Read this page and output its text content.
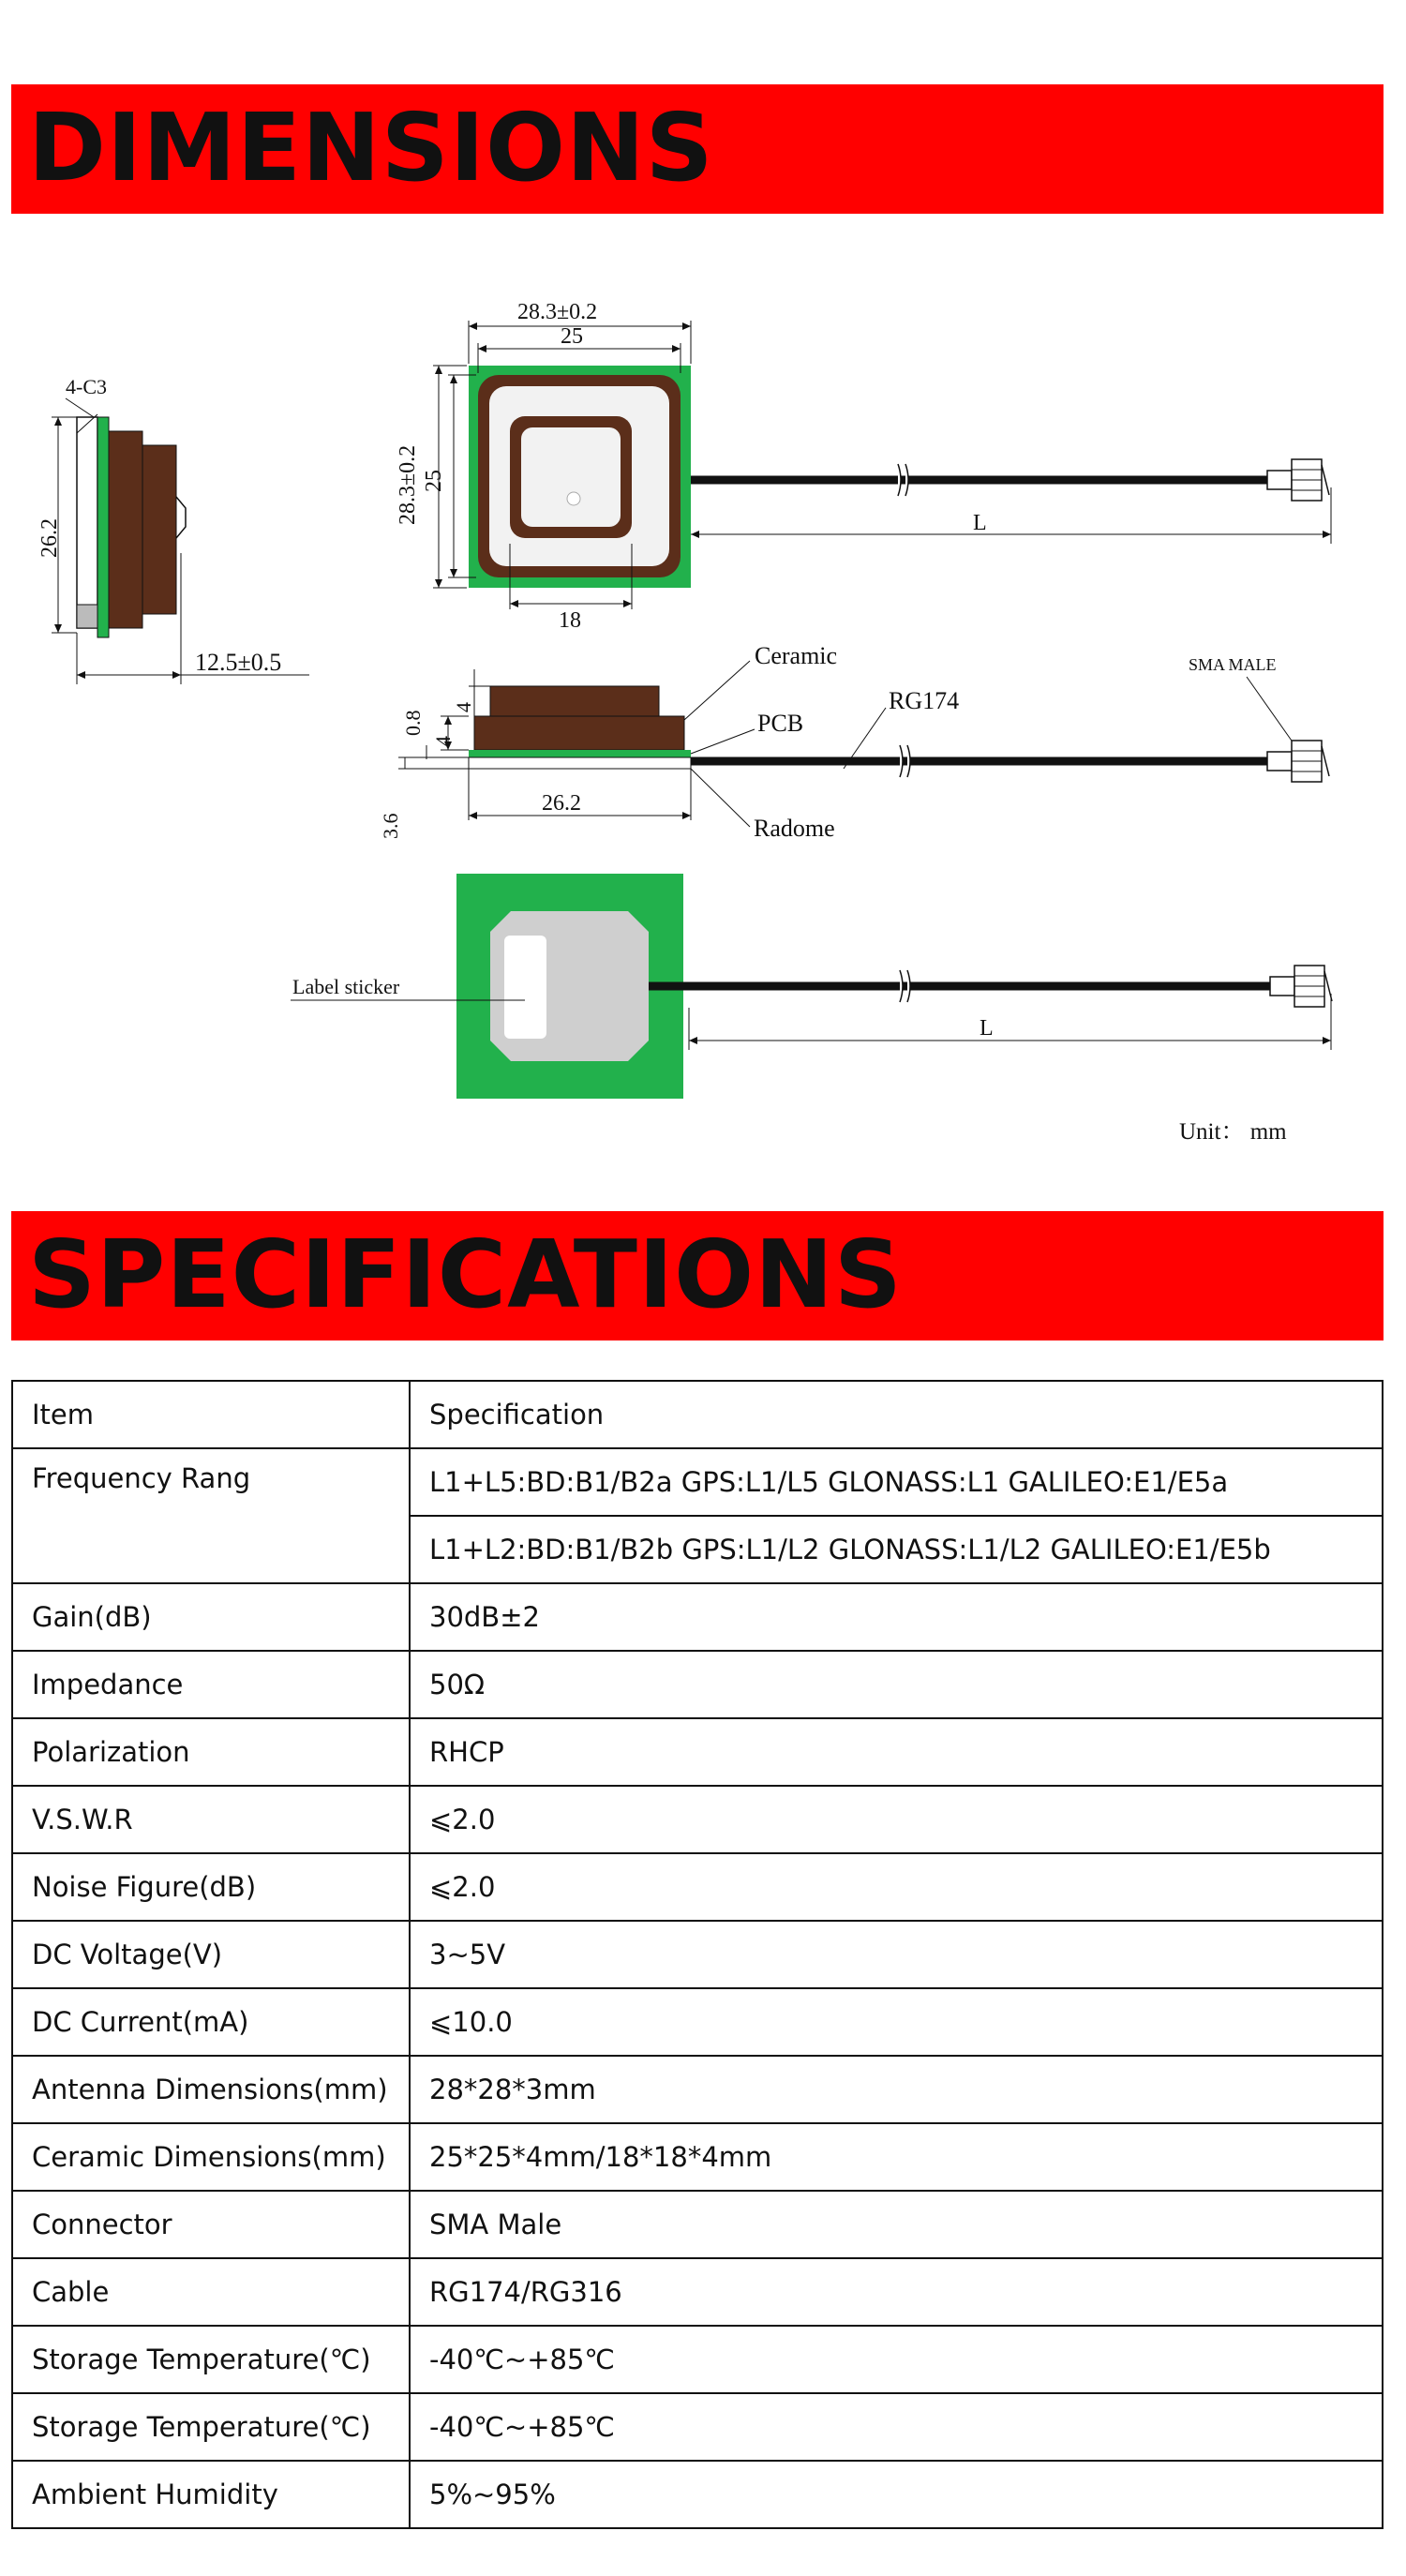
DIMENSIONS
4-C3
26.2
12.5±0.5
28.3±0.2
25
28.3±0.2 25
18
L
26.2
4
0.8
4
3.6
Ceramic
PCB
Radome
RG174
SMA MALE
Label sticker
L
Unit： mm
SPECIFICATIONS
Item	Specification
Frequency Rang	L1+L5:BD:B1/B2a GPS:L1/L5 GLONASS:L1 GALILEO:E1/E5a
	L1+L2:BD:B1/B2b GPS:L1/L2 GLONASS:L1/L2 GALILEO:E1/E5b
Gain(dB)	30dB±2
Impedance	50Ω
Polarization	RHCP
V.S.W.R	⩽2.0
Noise Figure(dB)	⩽2.0
DC Voltage(V)	3~5V
DC Current(mA)	⩽10.0
Antenna Dimensions(mm)	28*28*3mm
Ceramic Dimensions(mm)	25*25*4mm/18*18*4mm
Connector	SMA Male
Cable	RG174/RG316
Storage Temperature(℃)	-40℃~+85℃
Storage Temperature(℃)	-40℃~+85℃
Ambient Humidity	5%~95%
